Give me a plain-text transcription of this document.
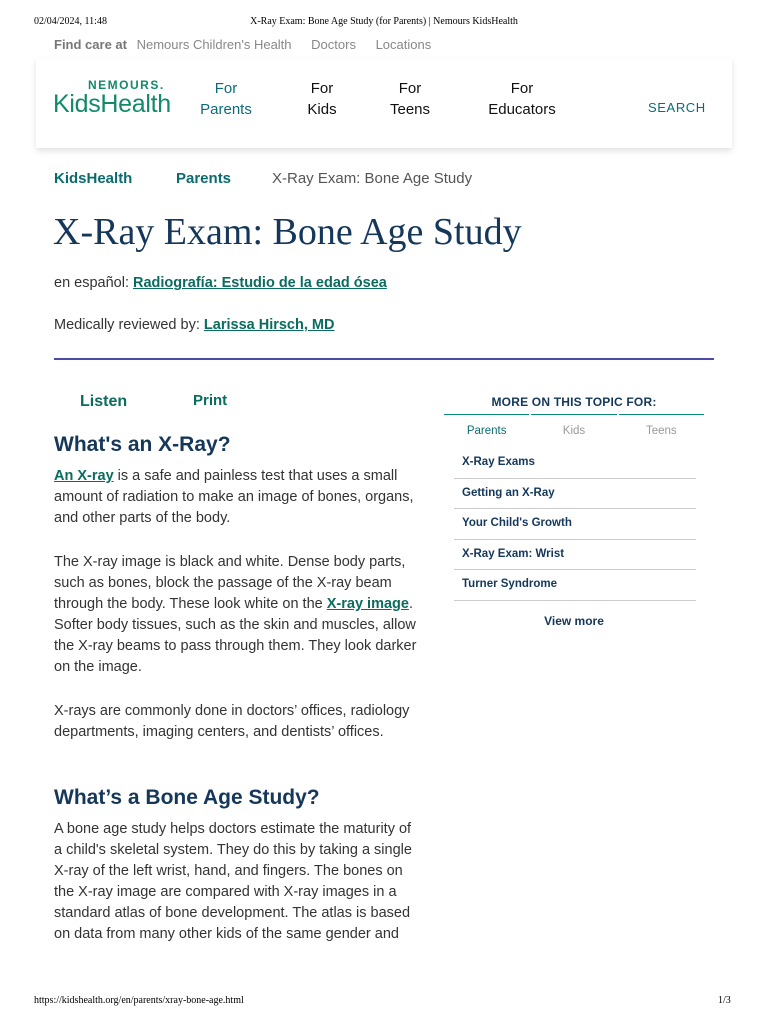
02/04/2024, 11:48	X-Ray Exam: Bone Age Study (for Parents) | Nemours KidsHealth
https://kidshealth.org/en/parents/xray-bone-age.html	1/3
Find care at Nemours Children's Health Doctors Locations
NEMOURS.
KidsHealth
For
Parents
For
Kids
For
Teens
For
Educators	SEARCH
KidsHealth	Parents	X-Ray Exam: Bone Age Study
X-Ray Exam: Bone Age Study
en español: Radiografía: Estudio de la edad ósea
Medically reviewed by: Larissa Hirsch, MD
Listen	Print
What's an X-Ray?

An X-ray is a safe and painless test that uses a small amount of radiation to make an image of bones, organs, and other parts of the body.

The X-ray image is black and white. Dense body parts, such as bones, block the passage of the X-ray beam through the body. These look white on the X-ray image. Softer body tissues, such as the skin and muscles, allow the X-ray beams to pass through them. They look darker on the image.

X-rays are commonly done in doctors’ offices, radiology departments, imaging centers, and dentists’ offices.

What’s a Bone Age Study?

A bone age study helps doctors estimate the maturity of a child's skeletal system. They do this by taking a single X-ray of the left wrist, hand, and fingers. The bones on the X-ray image are compared with X-ray images in a standard atlas of bone development. The atlas is based on data from many other kids of the same gender and

MORE ON THIS TOPIC FOR:
Parents	Kids	Teens
X-Ray Exams
Getting an X-Ray
Your Child's Growth
X-Ray Exam: Wrist
Turner Syndrome
View more
